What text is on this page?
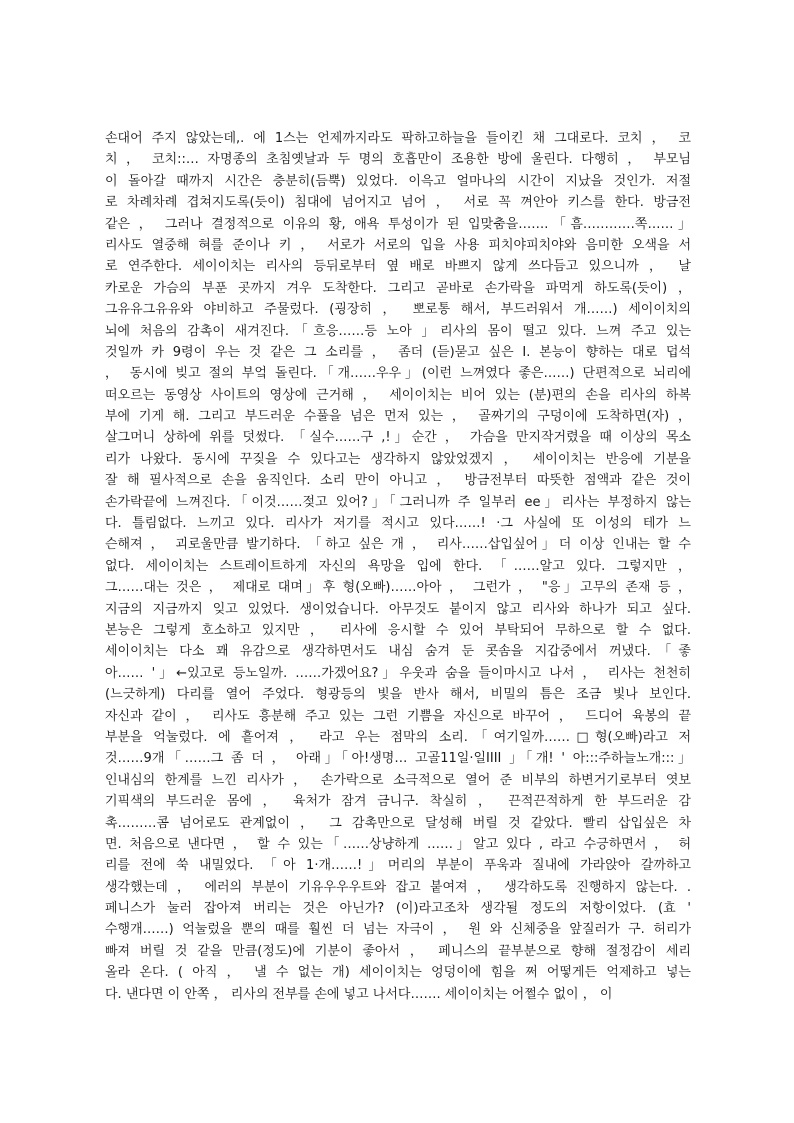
손대어 주지 않았는데,. 에 1스는 언제까지라도 팍하고하늘을 들이킨 채 그대로다. 코치 ， 코
치 ， 코치::… 자명종의 초침옛날과 두 명의 호흡만이 조용한 방에 울린다. 다행히 ， 부모님
이 돌아갈 때까지 시간은 충분히(듬뿍) 있었다. 이윽고 얼마나의 시간이 지났을 것인가. 저절
로 차례차례 겹쳐지도록(듯이) 침대에 넘어지고 넘어 ， 서로 꼭 껴안아 키스를 한다. 방금전
같은 ， 그러나 결정적으로 이유의 황, 애욕 투성이가 된 입맞춤을…….「흠…………쪽……」
리사도 열중해 혀를 준이나 키 ， 서로가 서로의 입을 사용 피치야피치야와 음미한 오색을 서
로 연주한다. 세이이치는 리사의 등뒤로부터 옆 배로 바쁘지 않게 쓰다듬고 있으니까 ， 날
카로운 가슴의 부푼 곳까지 겨우 도착한다. 그리고 곧바로 손가락을 파먹게 하도록(듯이) ，
그유유그유유와 야비하고 주물렀다. (굉장히 ， 뽀로통 해서, 부드러워서 개……) 세이이치의
뇌에 처음의 감촉이 새겨진다.「흐응……등 노아 」리사의 몸이 떨고 있다. 느껴 주고 있는
것일까 카 9령이 우는 것 같은 그 소리를 ， 좀더 (듣)묻고 싶은 I. 본능이 향하는 대로 덥석
， 동시에 빚고 절의 부엌 돌린다.「개……우우」(이런 느껴였다 좋은……) 단편적으로 뇌리에
떠오르는 동영상 사이트의 영상에 근거해 ， 세이이치는 비어 있는 (분)편의 손을 리사의 하복
부에 기게 해. 그리고 부드러운 수풀을 넘은 먼저 있는 ， 골짜기의 구덩이에 도착하면(자) ，
살그머니 상하에 위를 덧썼다. 「실수……구 ,!」순간 ， 가슴을 만지작거렸을 때 이상의 목소
리가 나왔다. 동시에 꾸짖을 수 있다고는 생각하지 않았었겠지 ， 세이이치는 반응에 기분을
잘 해 필사적으로 손을 움직인다. 소리 만이 아니고 ， 방금전부터 따뜻한 점액과 같은 것이
손가락끝에 느껴진다.「이것……젖고 있어?」「그러니까 주 일부러 ee」리사는 부정하지 않는
다. 틀림없다. 느끼고 있다. 리사가 저기를 적시고 있다……! ·그 사실에 또 이성의 테가 느
슨해져 ， 괴로울만큼 발기하다. 「하고 싶은 개 ， 리사……삽입싶어」더 이상 인내는 할 수
없다. 세이이치는 스트레이트하게 자신의 욕망을 입에 한다. 「……알고 있다. 그렇지만 ，
그……대는 것은 ， 제대로 대며」후 형(오빠)……아아 ， 그런가 ， "응」고무의 존재 등 ，
지금의 지금까지 잊고 있었다. 생이었습니다. 아무것도 붙이지 않고 리사와 하나가 되고 싶다.
본능은 그렇게 호소하고 있지만 ， 리사에 응시할 수 있어 부탁되어 무하으로 할 수 없다.
세이이치는 다소 꽤 유감으로 생각하면서도 내심 숨겨 둔 콧솜을 지갑중에서 꺼냈다.「좋
아…… '」←있고로 등노일까. ……가겠어요?」우웃과 숨을 들이마시고 나서 ， 리사는 천천히
(느긋하게) 다리를 열어 주었다. 형광등의 빛을 반사 해서, 비밀의 틈은 조금 빛나 보인다.
자신과 같이 ， 리사도 흥분해 주고 있는 그런 기쁨을 자신으로 바꾸어 ， 드디어 육봉의 끝
부분을 억눌렀다. 에 흩어져 ， 라고 우는 점막의 소리.「여기일까……□형(오빠)라고 저
것……9개「……그 좀 더 ， 아래」「아!생명… 고골11일·일IIII 」「개! ' 아:::주하늘노개:::」
인내심의 한계를 느낀 리사가 ， 손가락으로 소극적으로 열어 준 비부의 하변거기로부터 엿보
기픽색의 부드러운 몸에 ， 육처가 잠겨 금니구. 착실히 ， 끈적끈적하게 한 부드러운 감
촉………콤 넘어로도 관계없이 ， 그 감촉만으로 달성해 버릴 것 같았다. 빨리 삽입싶은 차
면. 처음으로 낸다면 ， 할 수 있는「……상냥하게 ……」알고 있다 , 라고 수긍하면서 ， 허
리를 전에 쑥 내밀었다. 「아 1·개……!」머리의 부분이 푸욱과 질내에 가라앉아 갈까하고
생각했는데 ， 에러의 부분이 기유우우우트와 잡고 붙여져 ， 생각하도록 진행하지 않는다. .
페니스가 눌러 잡아져 버리는 것은 아닌가? (이)라고조차 생각될 정도의 저항이었다. (효 '
수행개……) 억눌렀을 뿐의 때를 훨씬 더 넘는 자극이 ， 원 와 신체중을 앞질러가 구. 허리가
빠져 버릴 것 같을 만큼(정도)에 기분이 좋아서 ， 페니스의 끝부분으로 향해 절정감이 세리
올라 온다. ( 아직 ， 낼 수 없는 개) 세이이치는 엉덩이에 힘을 쩌 어떻게든 억제하고 넣는
다. 낸다면 이 안쪽 ， 리사의 전부를 손에 넣고 나서다……. 세이이치는 어쩔수 없이 ， 이
